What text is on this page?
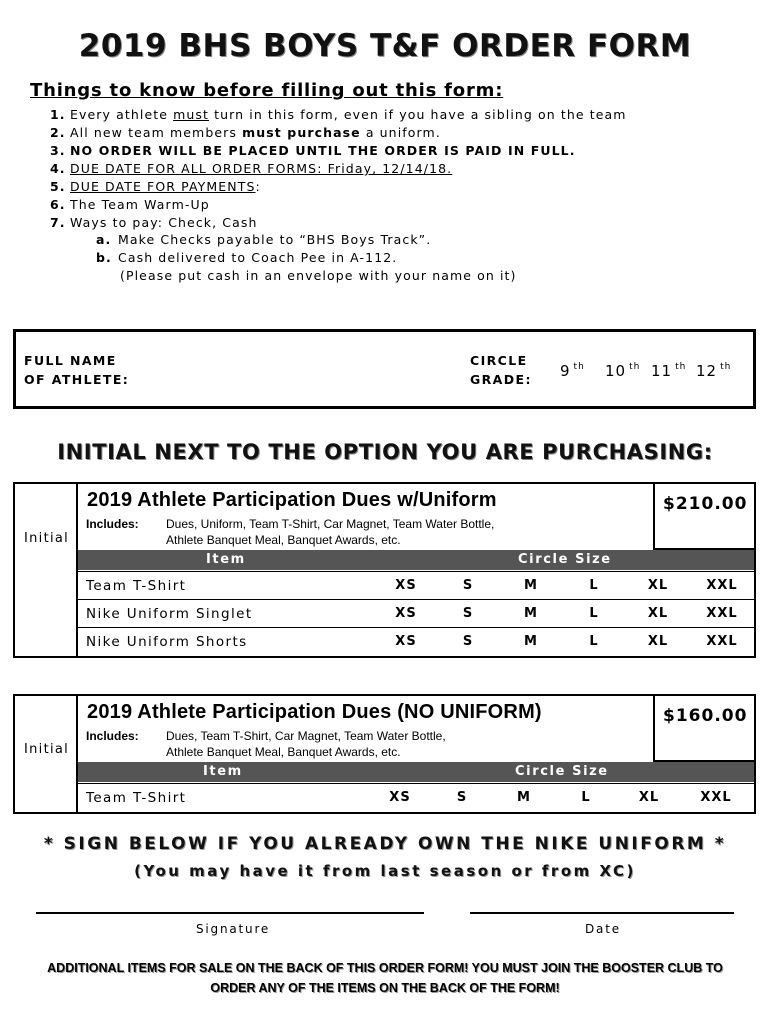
2019 BHS BOYS T&F ORDER FORM
Things to know before filling out this form:
1. Every athlete must turn in this form, even if you have a sibling on the team
2. All new team members must purchase a uniform.
3. NO ORDER WILL BE PLACED UNTIL THE ORDER IS PAID IN FULL.
4. DUE DATE FOR ALL ORDER FORMS: Friday, 12/14/18.
5. DUE DATE FOR PAYMENTS:
6. The Team Warm-Up
7. Ways to pay: Check, Cash
a. Make Checks payable to “BHS Boys Track”.
b. Cash delivered to Coach Pee in A-112.
(Please put cash in an envelope with your name on it)
FULL NAME
OF ATHLETE:
CIRCLE
GRADE: 9 $^{th}$ 10 $^{th}$ 11 $^{th}$ 12 $^{th}$
INITIAL NEXT TO THE OPTION YOU ARE PURCHASING:
Initial
2019 Athlete Participation Dues w/Uniform	$210.00
Includes: Dues, Uniform, Team T-Shirt, Car Magnet, Team Water Bottle,
Athlete Banquet Meal, Banquet Awards, etc.
Item	Circle Size
Team T-Shirt	XS	S	M	L	XL	XXL
Nike Uniform Singlet	XS	S	M	L	XL	XXL
Nike Uniform Shorts	XS	S	M	L	XL	XXL
Initial
2019 Athlete Participation Dues (NO UNIFORM)	$160.00
Includes: Dues, Team T-Shirt, Car Magnet, Team Water Bottle,
Athlete Banquet Meal, Banquet Awards, etc.
Item	Circle Size
Team T-Shirt	XS	S	M	L	XL	XXL
* SIGN BELOW IF YOU ALREADY OWN THE NIKE UNIFORM *
(You may have it from last season or from XC)
Signature	Date
ADDITIONAL ITEMS FOR SALE ON THE BACK OF THIS ORDER FORM! YOU MUST JOIN THE BOOSTER CLUB TO
ORDER ANY OF THE ITEMS ON THE BACK OF THE FORM!
